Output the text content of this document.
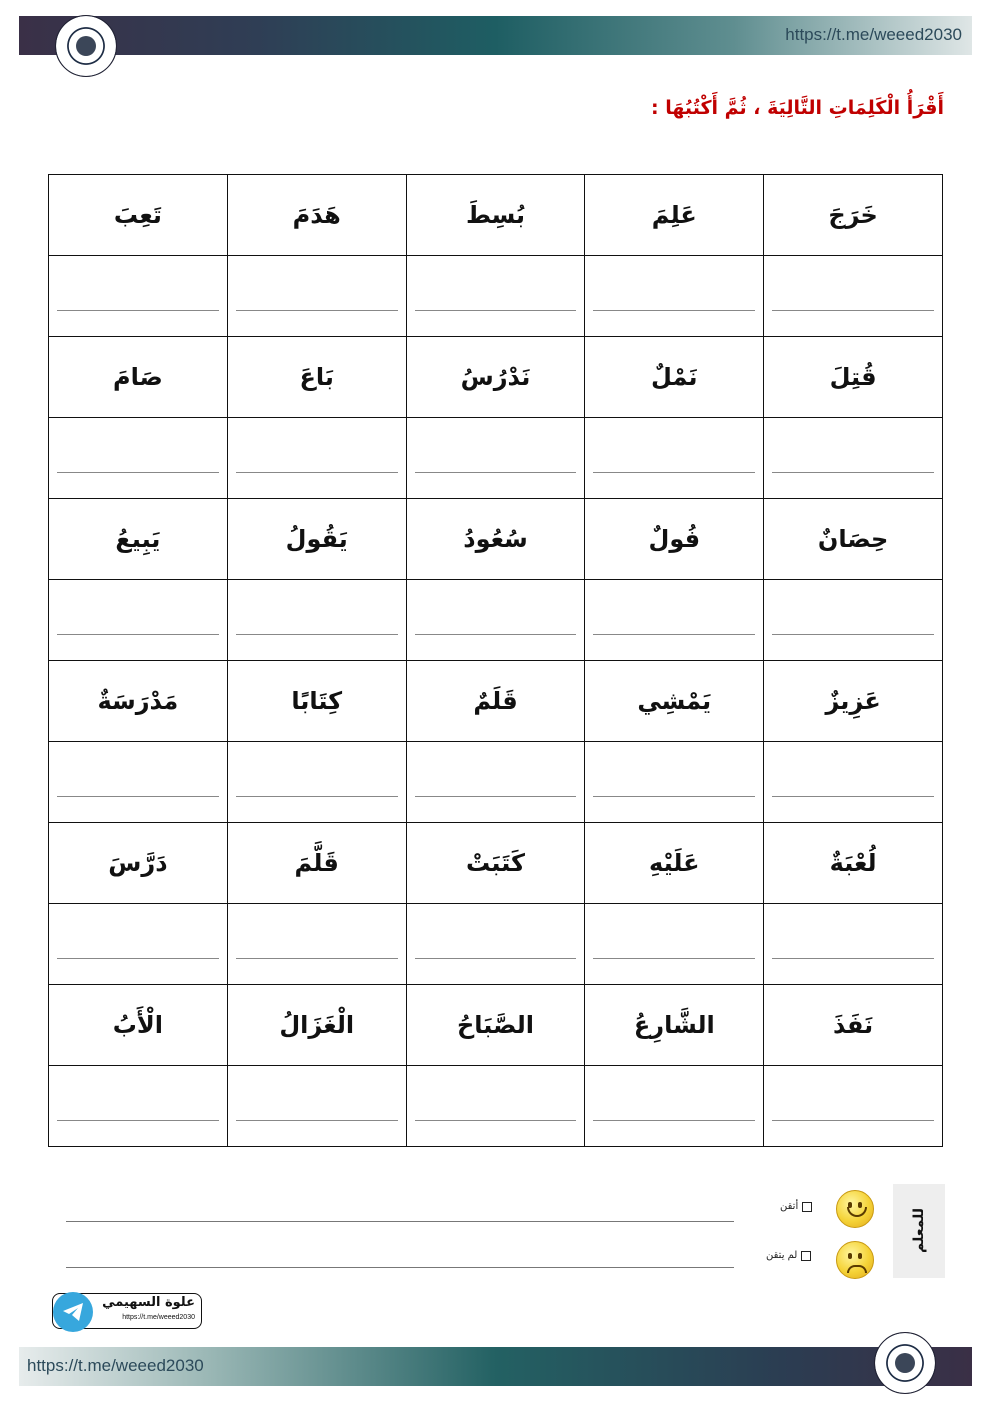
https://t.me/weeed2030
أَقْرَأُ الْكَلِمَاتِ التَّالِيَةَ ، ثُمَّ أَكْتُبُهَا :
خَرَجَ	عَلِمَ	بُسِطَ	هَدَمَ	تَعِبَ

قُتِلَ	نَمْلٌ	نَدْرُسُ	بَاعَ	صَامَ

حِصَانٌ	فُولٌ	سُعُودُ	يَقُولُ	يَبِيعُ

عَزِيزٌ	يَمْشِي	قَلَمٌ	كِتَابًا	مَدْرَسَةٌ

لُعْبَةٌ	عَلَيْهِ	كَتَبَتْ	قَلَّمَ	دَرَّسَ

نَفَذَ	الشَّارِعُ	الصَّبَاحُ	الْغَزَالُ	الْأَبُ

أتقن
لم يتقن
للمعلم
علوة السهيمي
https://t.me/weeed2030
https://t.me/weeed2030
